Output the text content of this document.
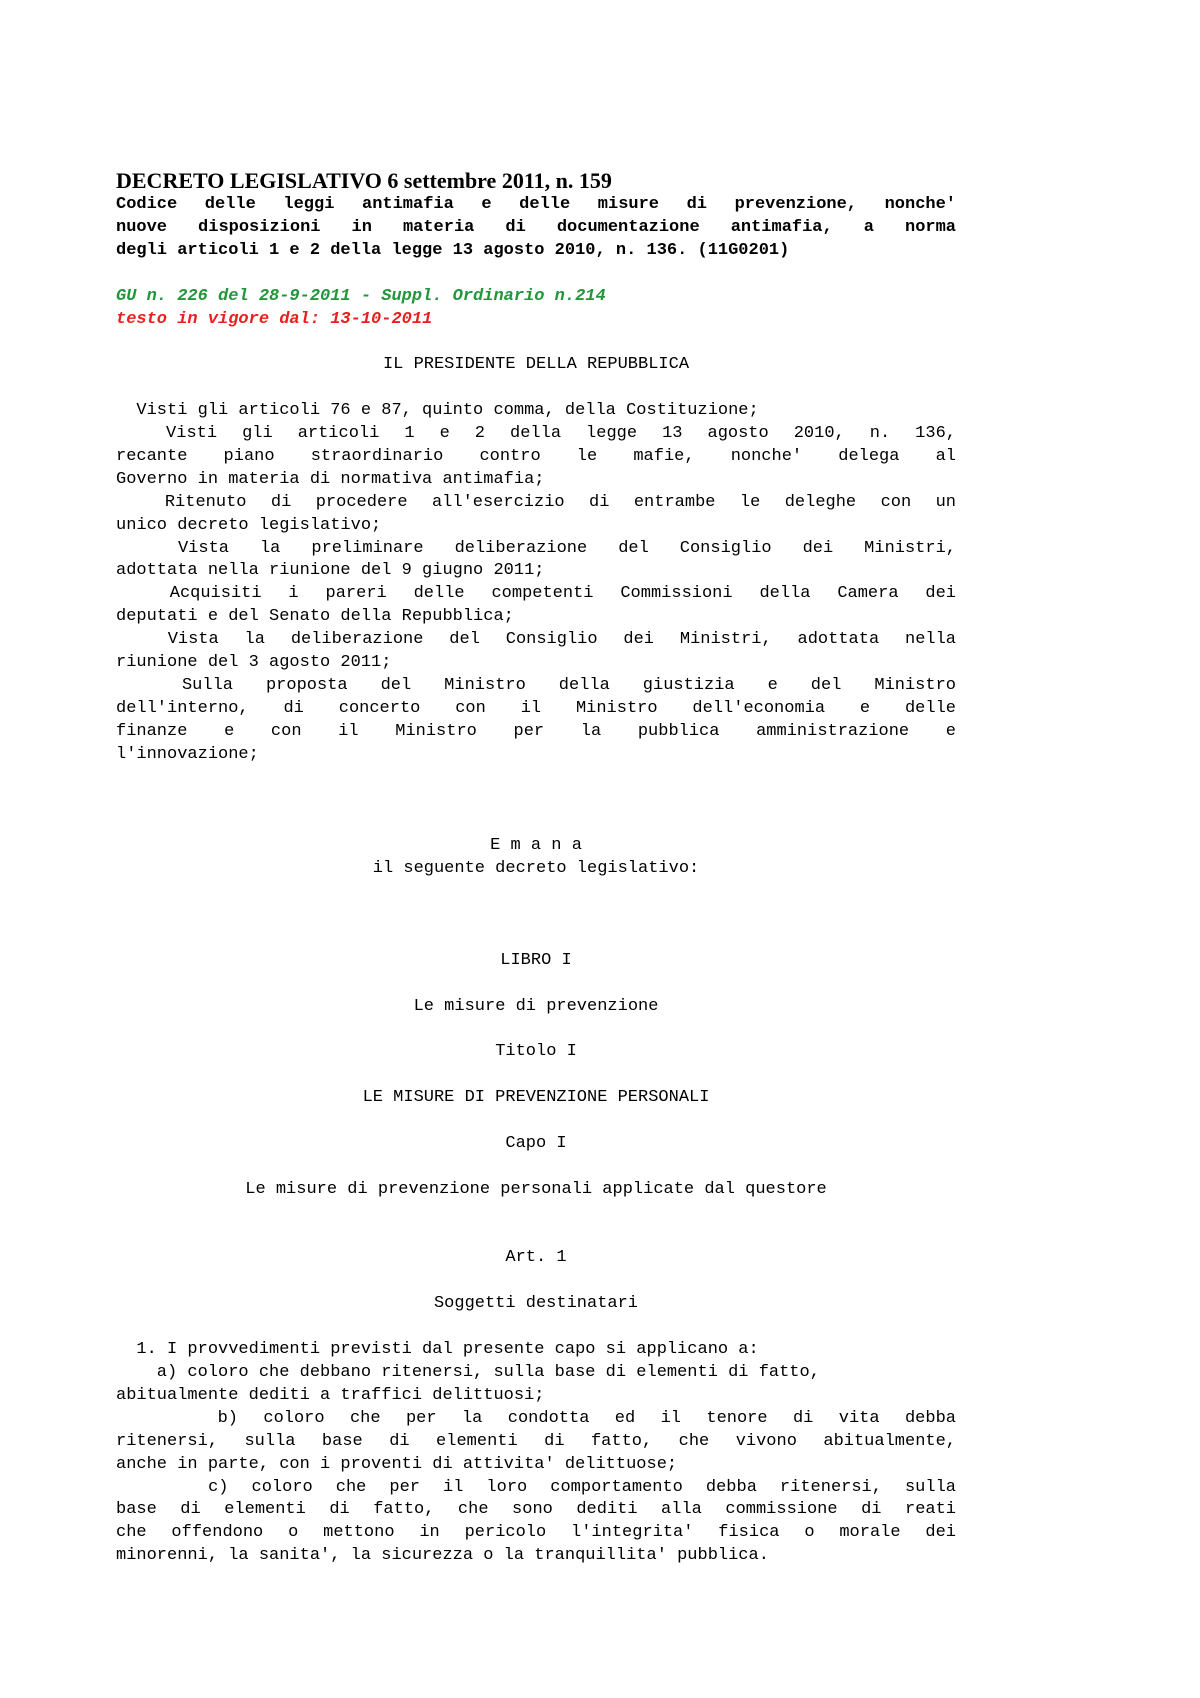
DECRETO LEGISLATIVO 6 settembre 2011, n. 159
Codice delle leggi antimafia e delle misure di prevenzione, nonche'
nuove disposizioni in materia di documentazione antimafia, a norma
degli articoli 1 e 2 della legge 13 agosto 2010, n. 136. (11G0201)
GU n. 226 del 28-9-2011 - Suppl. Ordinario n.214
testo in vigore dal: 13-10-2011
IL PRESIDENTE DELLA REPUBBLICA
Visti gli articoli 76 e 87, quinto comma, della Costituzione;
Visti gli articoli 1 e 2 della legge 13 agosto 2010, n. 136,
recante piano straordinario contro le mafie, nonche' delega al
Governo in materia di normativa antimafia;
Ritenuto di procedere all'esercizio di entrambe le deleghe con un
unico decreto legislativo;
Vista la preliminare deliberazione del Consiglio dei Ministri,
adottata nella riunione del 9 giugno 2011;
Acquisiti i pareri delle competenti Commissioni della Camera dei
deputati e del Senato della Repubblica;
Vista la deliberazione del Consiglio dei Ministri, adottata nella
riunione del 3 agosto 2011;
Sulla proposta del Ministro della giustizia e del Ministro
dell'interno, di concerto con il Ministro dell'economia e delle
finanze e con il Ministro per la pubblica amministrazione e
l'innovazione;
E m a n a
il seguente decreto legislativo:
LIBRO I
Le misure di prevenzione
Titolo I
LE MISURE DI PREVENZIONE PERSONALI
Capo I
Le misure di prevenzione personali applicate dal questore
Art. 1
Soggetti destinatari
1. I provvedimenti previsti dal presente capo si applicano a:
a) coloro che debbano ritenersi, sulla base di elementi di fatto,
abitualmente dediti a traffici delittuosi;
b) coloro che per la condotta ed il tenore di vita debba
ritenersi, sulla base di elementi di fatto, che vivono abitualmente,
anche in parte, con i proventi di attivita' delittuose;
c) coloro che per il loro comportamento debba ritenersi, sulla
base di elementi di fatto, che sono dediti alla commissione di reati
che offendono o mettono in pericolo l'integrita' fisica o morale dei
minorenni, la sanita', la sicurezza o la tranquillita' pubblica.
